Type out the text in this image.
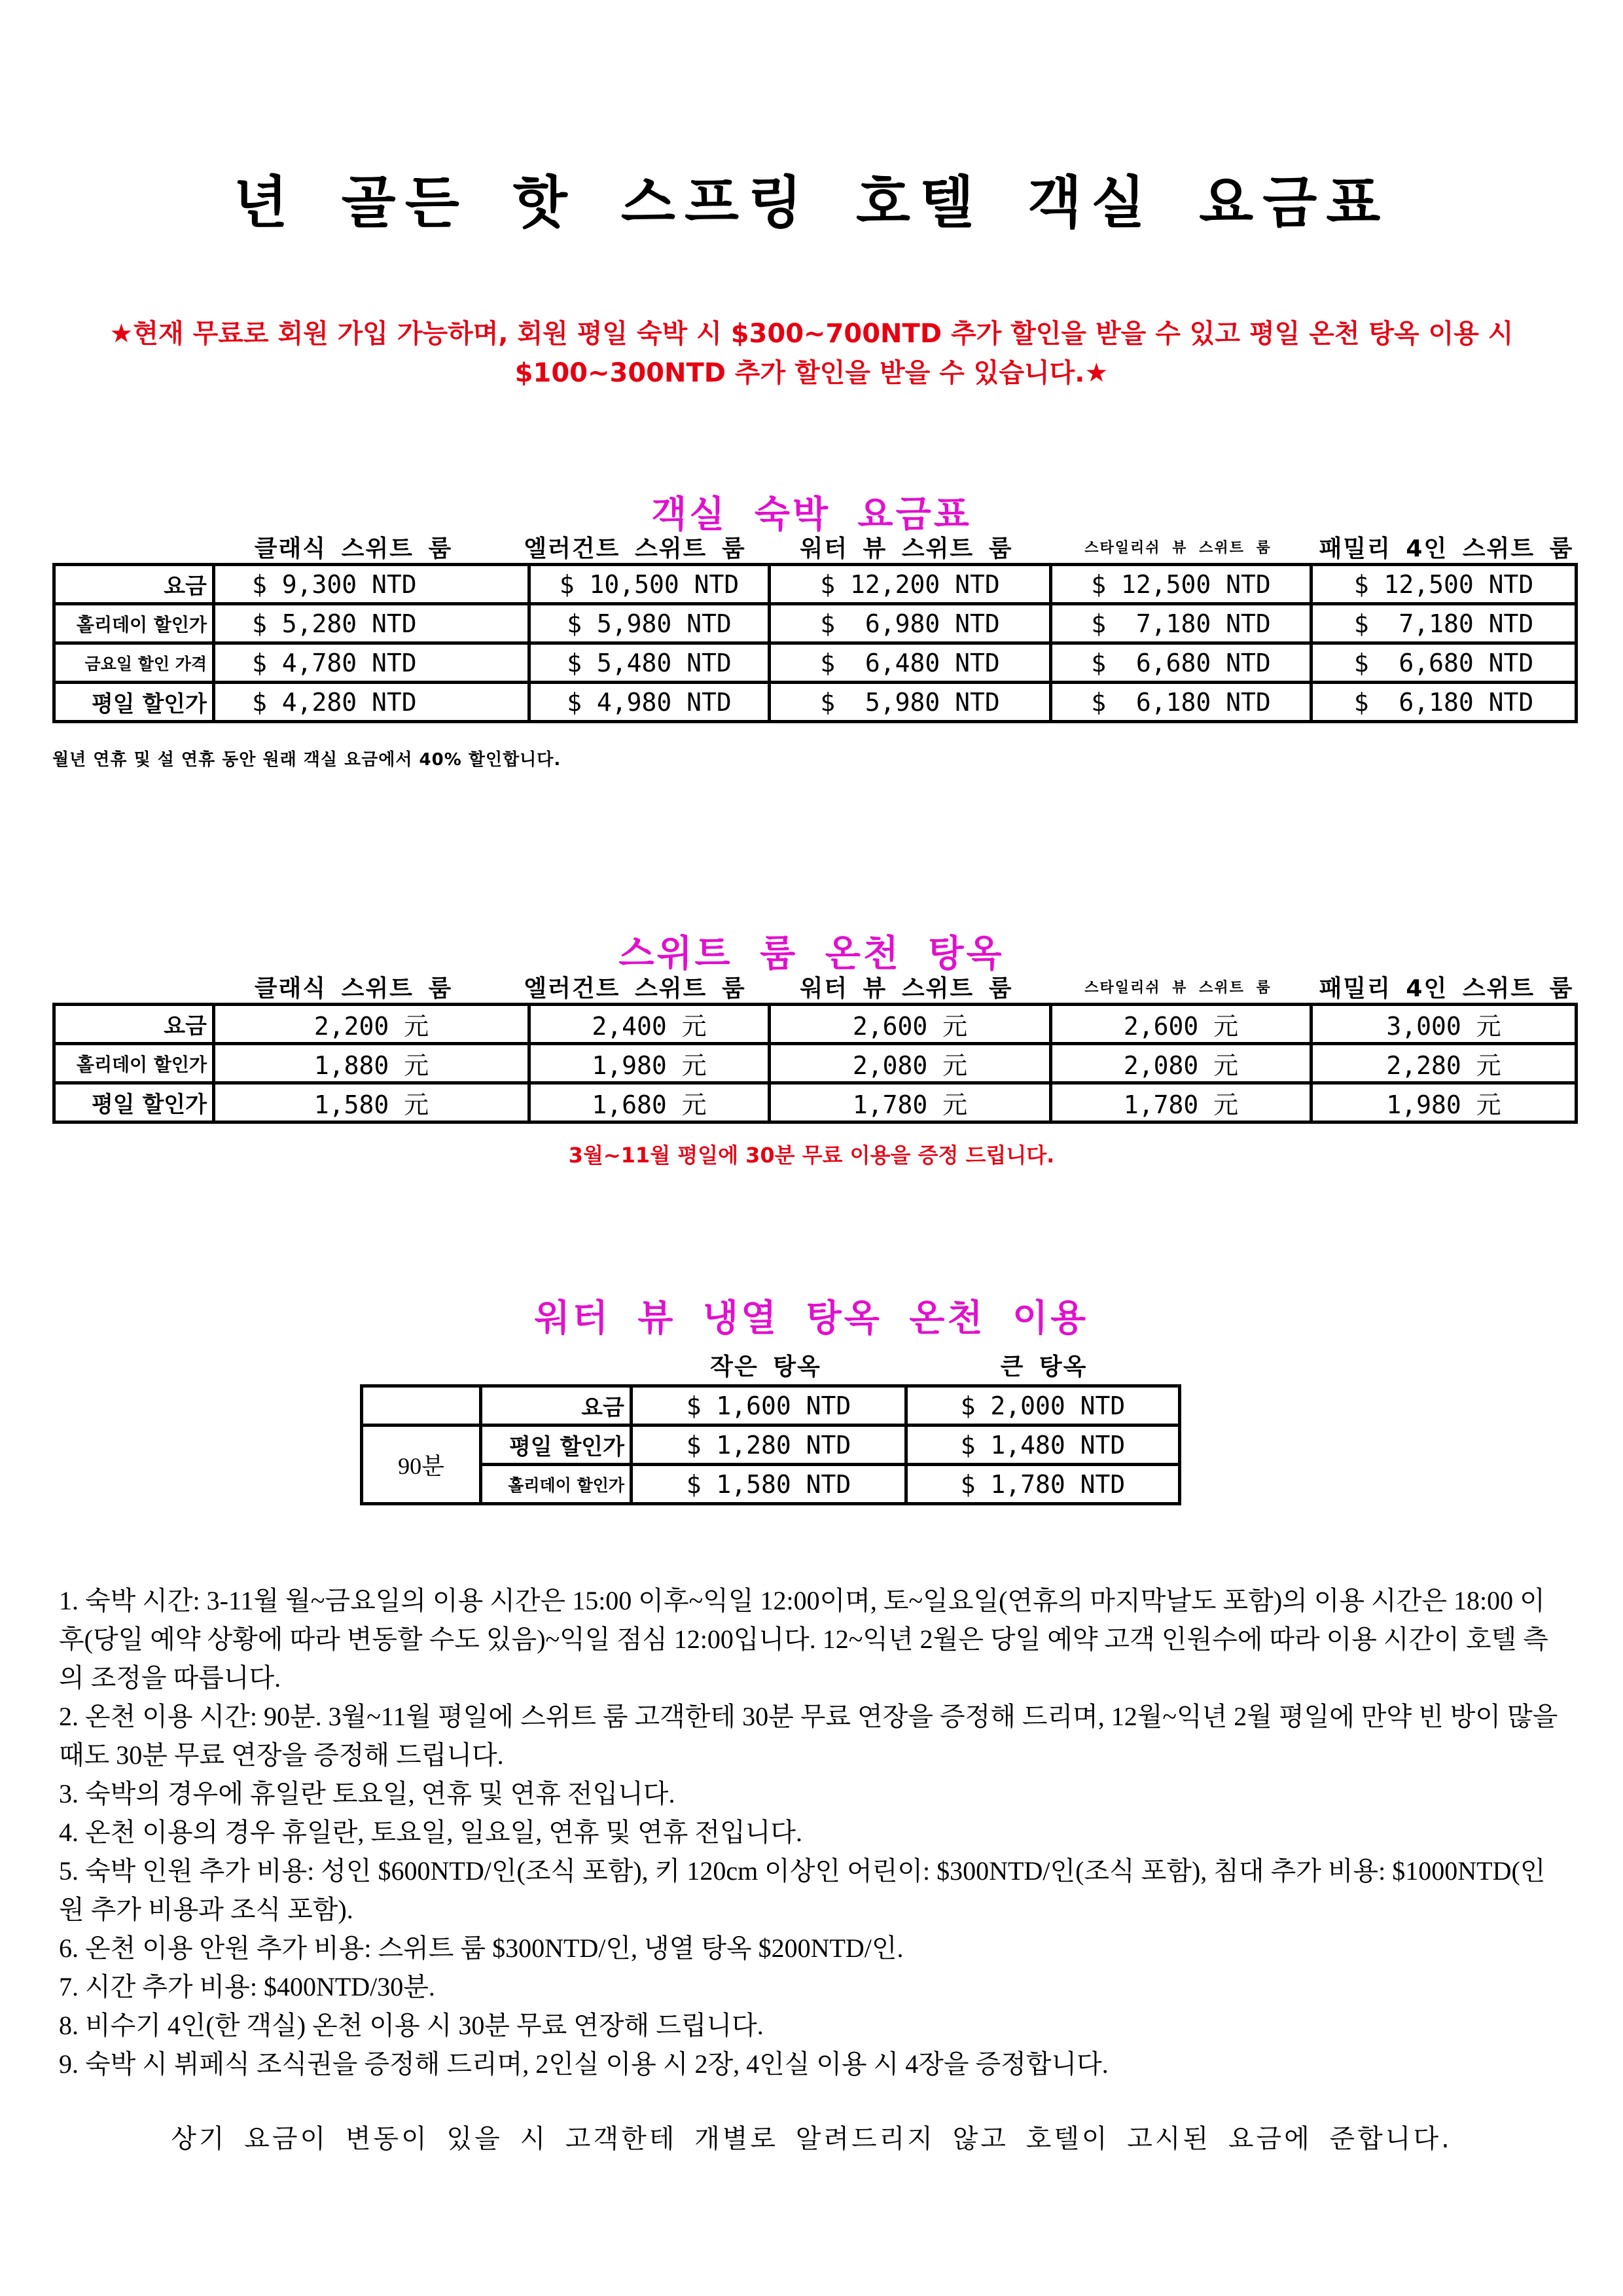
년 골든 핫 스프링 호텔 객실 요금표
★현재 무료로 회원 가입 가능하며, 회원 평일 숙박 시 $300~700NTD 추가 할인을 받을 수 있고 평일 온천 탕옥 이용 시
$100~300NTD 추가 할인을 받을 수 있습니다.★
객실 숙박 요금표
클래식 스위트 룸	엘러건트 스위트 룸	워터 뷰 스위트 룸	스타일리쉬 뷰 스위트 룸	패밀리 4인 스위트 룸
요금	$ 9,300 NTD	$ 10,500 NTD	$ 12,200 NTD	$ 12,500 NTD	$ 12,500 NTD
홀리데이 할인가	$ 5,280 NTD	$ 5,980 NTD	$  6,980 NTD	$  7,180 NTD	$  7,180 NTD
금요일 할인 가격	$ 4,780 NTD	$ 5,480 NTD	$  6,480 NTD	$  6,680 NTD	$  6,680 NTD
평일 할인가	$ 4,280 NTD	$ 4,980 NTD	$  5,980 NTD	$  6,180 NTD	$  6,180 NTD
월년 연휴 및 설 연휴 동안 원래 객실 요금에서 40% 할인합니다.
스위트 룸 온천 탕옥
클래식 스위트 룸	엘러건트 스위트 룸	워터 뷰 스위트 룸	스타일리쉬 뷰 스위트 룸	패밀리 4인 스위트 룸
요금	2,200 元	2,400 元	2,600 元	2,600 元	3,000 元
홀리데이 할인가	1,880 元	1,980 元	2,080 元	2,080 元	2,280 元
평일 할인가	1,580 元	1,680 元	1,780 元	1,780 元	1,980 元
3월~11월 평일에 30분 무료 이용을 증정 드립니다.
워터 뷰 냉열 탕옥 온천 이용
작은 탕옥	큰 탕옥
	요금	$ 1,600 NTD	$ 2,000 NTD
90분	평일 할인가	$ 1,280 NTD	$ 1,480 NTD
	홀리데이 할인가	$ 1,580 NTD	$ 1,780 NTD

1. 숙박 시간: 3-11월 월~금요일의 이용 시간은 15:00 이후~익일 12:00이며, 토~일요일(연휴의 마지막날도 포함)의 이용 시간은 18:00 이후(당일 예약 상황에 따라 변동할 수도 있음)~익일 점심 12:00입니다. 12~익년 2월은 당일 예약 고객 인원수에 따라 이용 시간이 호텔 측의 조정을 따릅니다.

2. 온천 이용 시간: 90분. 3월~11월 평일에 스위트 룸 고객한테 30분 무료 연장을 증정해 드리며, 12월~익년 2월 평일에 만약 빈 방이 많을 때도 30분 무료 연장을 증정해 드립니다.

3. 숙박의 경우에 휴일란 토요일, 연휴 및 연휴 전입니다.

4. 온천 이용의 경우 휴일란, 토요일, 일요일, 연휴 및 연휴 전입니다.

5. 숙박 인원 추가 비용: 성인 $600NTD/인(조식 포함), 키 120cm 이상인 어린이: $300NTD/인(조식 포함), 침대 추가 비용: $1000NTD(인원 추가 비용과 조식 포함).

6. 온천 이용 안원 추가 비용: 스위트 룸 $300NTD/인, 냉열 탕옥 $200NTD/인.

7. 시간 추가 비용: $400NTD/30분.

8. 비수기 4인(한 객실) 온천 이용 시 30분 무료 연장해 드립니다.

9. 숙박 시 뷔페식 조식권을 증정해 드리며, 2인실 이용 시 2장, 4인실 이용 시 4장을 증정합니다.

상기 요금이 변동이 있을 시 고객한테 개별로 알려드리지 않고 호텔이 고시된 요금에 준합니다.
